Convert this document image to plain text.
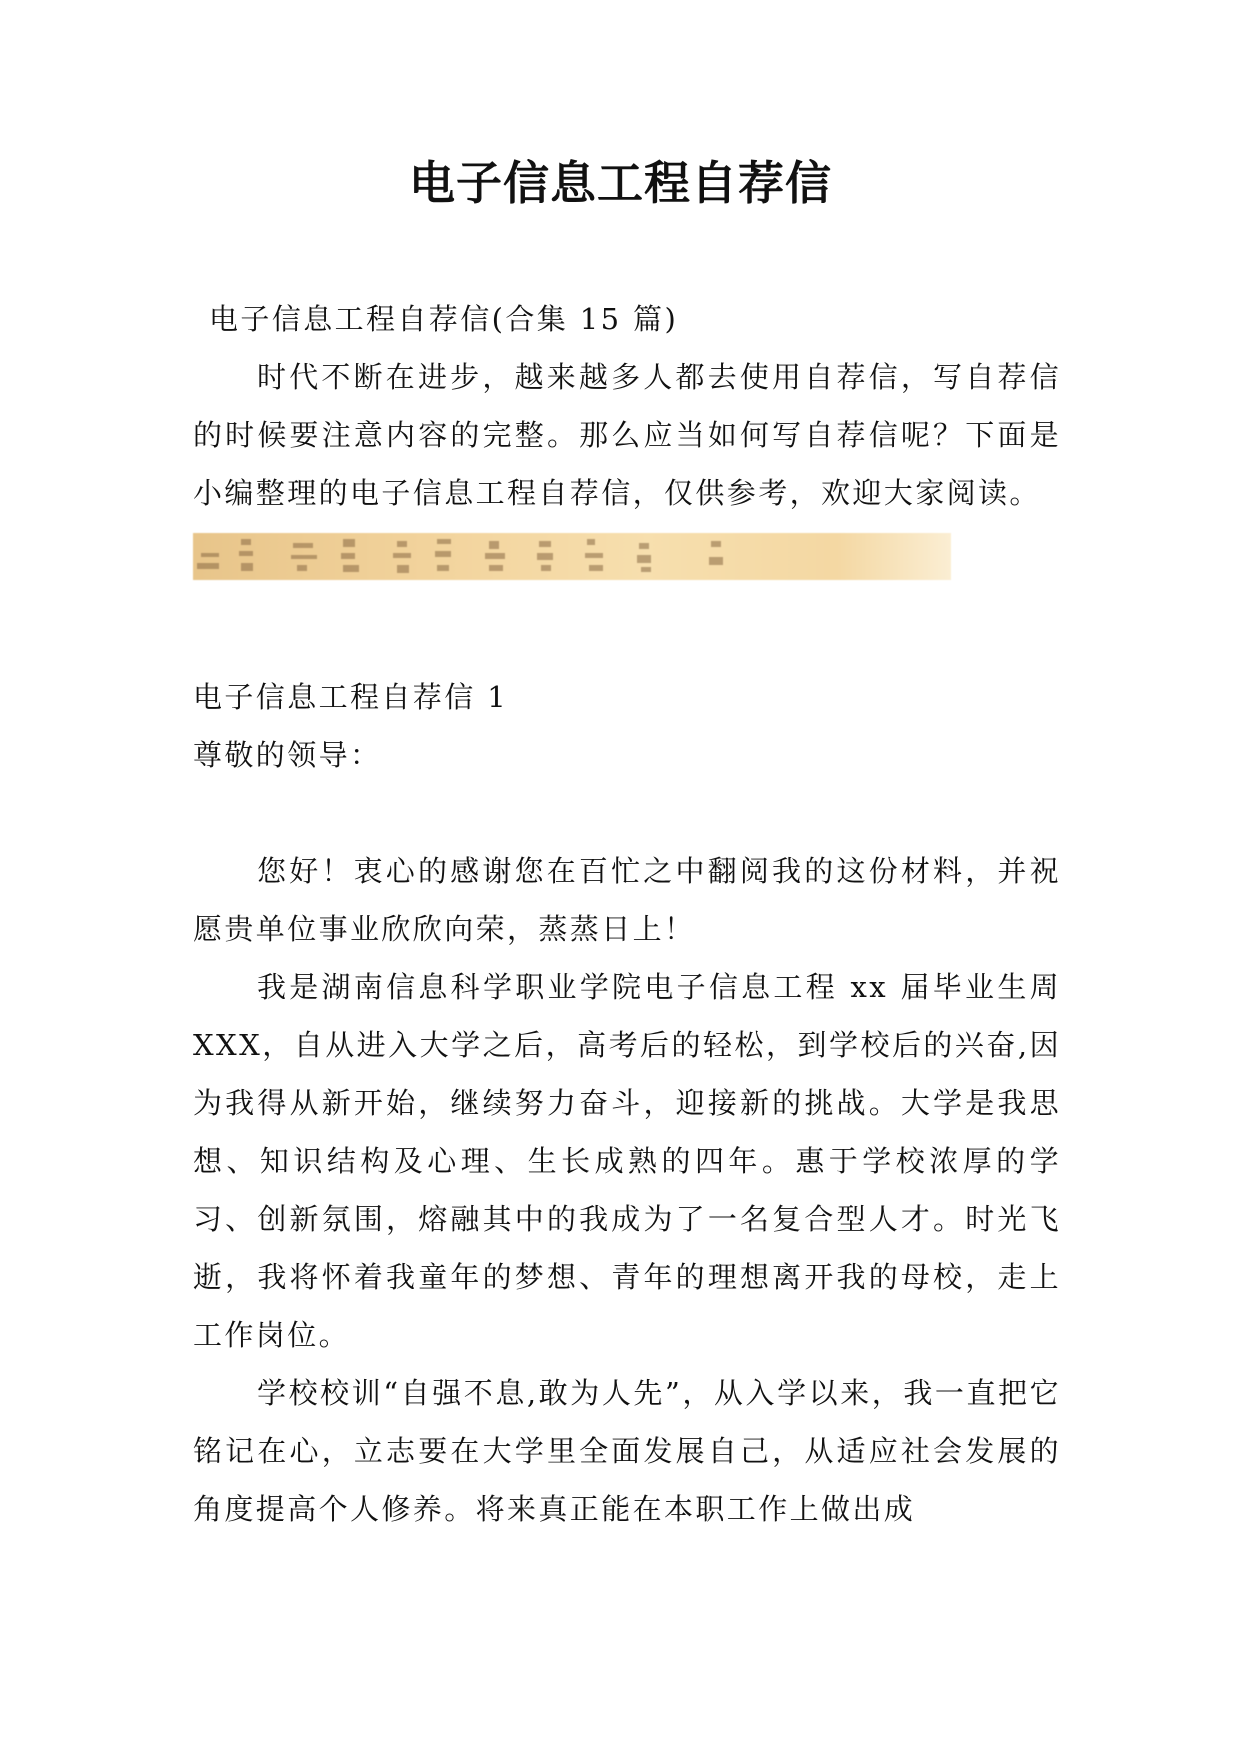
电子信息工程自荐信

电子信息工程自荐信(合集 15 篇)

时代不断在进步，越来越多人都去使用自荐信，写自荐信的时候要注意内容的完整。那么应当如何写自荐信呢？下面是小编整理的电子信息工程自荐信，仅供参考，欢迎大家阅读。

电子信息工程自荐信 1

尊敬的领导：

您好！衷心的感谢您在百忙之中翻阅我的这份材料，并祝愿贵单位事业欣欣向荣，蒸蒸日上！

我是湖南信息科学职业学院电子信息工程 xx 届毕业生周 XXX，自从进入大学之后，高考后的轻松，到学校后的兴奋,因为我得从新开始，继续努力奋斗，迎接新的挑战。大学是我思想、知识结构及心理、生长成熟的四年。惠于学校浓厚的学习、创新氛围，熔融其中的我成为了一名复合型人才。时光飞逝，我将怀着我童年的梦想、青年的理想离开我的母校，走上工作岗位。

学校校训“自强不息,敢为人先”，从入学以来，我一直把它铭记在心，立志要在大学里全面发展自己，从适应社会发展的角度提高个人修养。将来真正能在本职工作上做出成
